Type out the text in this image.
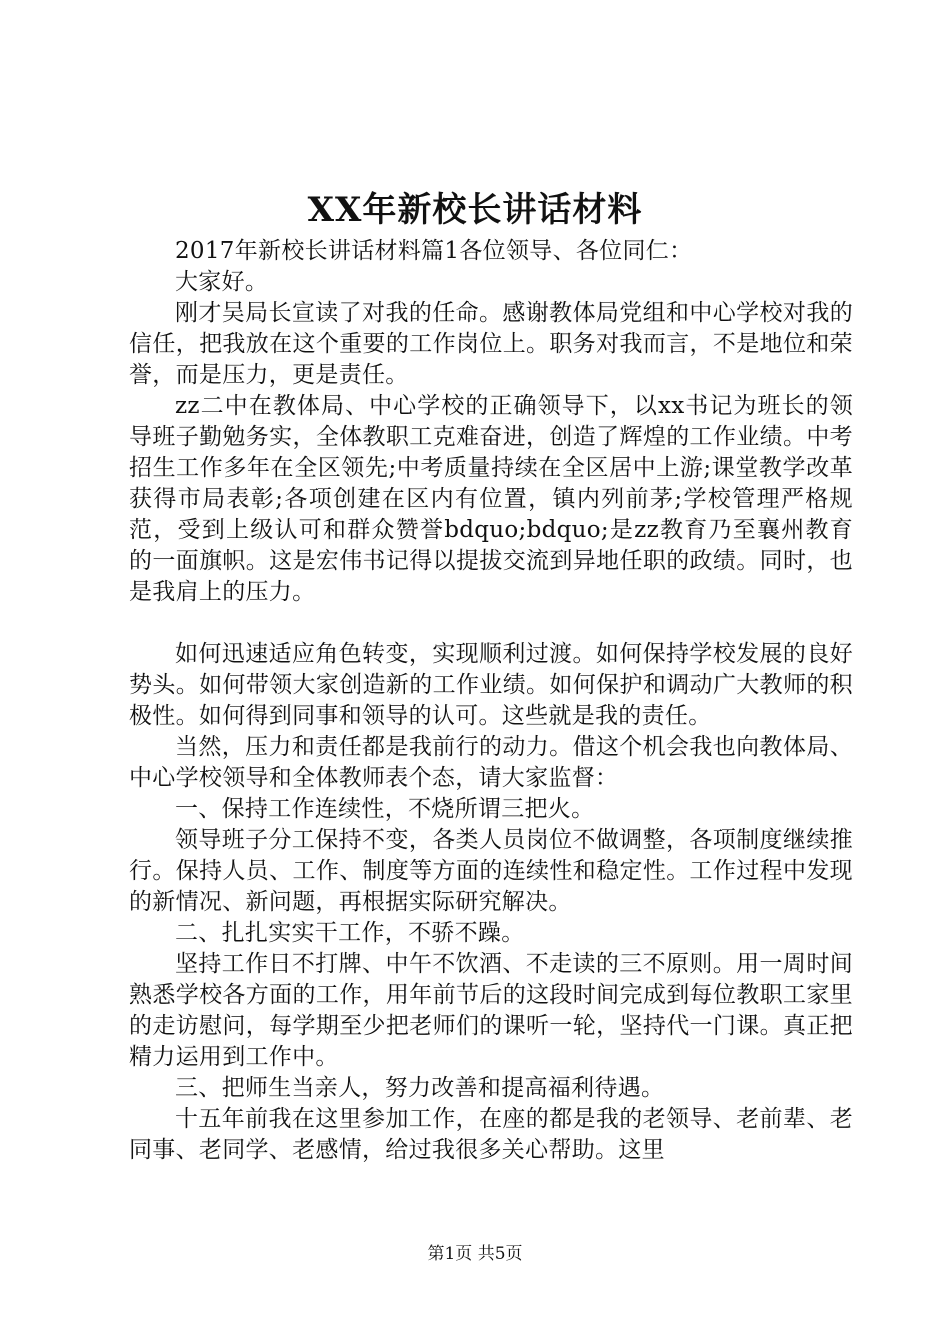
XX年新校长讲话材料

2017年新校长讲话材料篇1各位领导、各位同仁：

大家好。

刚才吴局长宣读了对我的任命。感谢教体局党组和中心学校对我的信任，把我放在这个重要的工作岗位上。职务对我而言，不是地位和荣誉，而是压力，更是责任。

zz二中在教体局、中心学校的正确领导下，以xx书记为班长的领导班子勤勉务实，全体教职工克难奋进，创造了辉煌的工作业绩。中考招生工作多年在全区领先;中考质量持续在全区居中上游;课堂教学改革获得市局表彰;各项创建在区内有位置，镇内列前茅;学校管理严格规范，受到上级认可和群众赞誉bdquo;bdquo;是zz教育乃至襄州教育的一面旗帜。这是宏伟书记得以提拔交流到异地任职的政绩。同时，也是我肩上的压力。

如何迅速适应角色转变，实现顺利过渡。如何保持学校发展的良好势头。如何带领大家创造新的工作业绩。如何保护和调动广大教师的积极性。如何得到同事和领导的认可。这些就是我的责任。

当然，压力和责任都是我前行的动力。借这个机会我也向教体局、中心学校领导和全体教师表个态，请大家监督：

一、保持工作连续性，不烧所谓三把火。

领导班子分工保持不变，各类人员岗位不做调整，各项制度继续推行。保持人员、工作、制度等方面的连续性和稳定性。工作过程中发现的新情况、新问题，再根据实际研究解决。

二、扎扎实实干工作，不骄不躁。

坚持工作日不打牌、中午不饮酒、不走读的三不原则。用一周时间熟悉学校各方面的工作，用年前节后的这段时间完成到每位教职工家里的走访慰问，每学期至少把老师们的课听一轮，坚持代一门课。真正把精力运用到工作中。

三、把师生当亲人，努力改善和提高福利待遇。

十五年前我在这里参加工作，在座的都是我的老领导、老前辈、老同事、老同学、老感情，给过我很多关心帮助。这里

第1页 共5页
